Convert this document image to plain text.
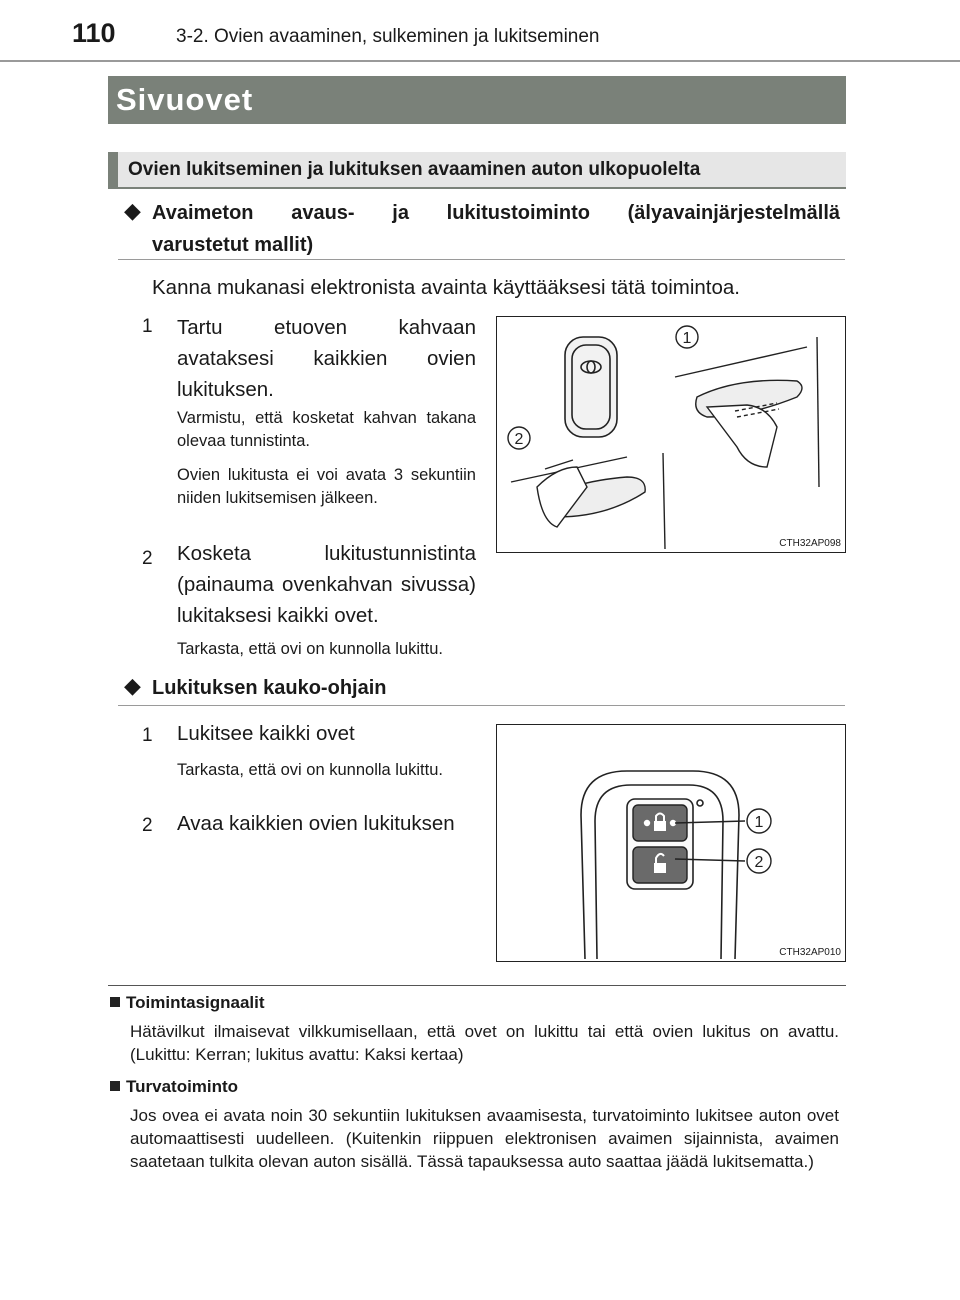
110	3-2. Ovien avaaminen, sulkeminen ja lukitseminen
Sivuovet
Ovien lukitseminen ja lukituksen avaaminen auton ulkopuolelta
◆ Avaimeton avaus- ja lukitustoiminto (älyavainjärjestelmällä
varustetut mallit)
Kanna mukanasi elektronista avainta käyttääksesi tätä toimintoa.
1 Tartu etuoven kahvaan avataksesi kaikkien ovien lukituksen.
Varmistu, että kosketat kahvan takana olevaa tunnistinta.
Ovien lukitusta ei voi avata 3 sekuntiin niiden lukitsemisen jälkeen.
2 Kosketa lukitustunnistinta (painauma ovenkahvan sivussa) lukitaksesi kaikki ovet.
Tarkasta, että ovi on kunnolla lukittu.
1
2
CTH32AP098
◆ Lukituksen kauko-ohjain
1 Lukitsee kaikki ovet
Tarkasta, että ovi on kunnolla lukittu.
2 Avaa kaikkien ovien lukituksen	1
2
CTH32AP010
Toimintasignaalit
Hätävilkut ilmaisevat vilkkumisellaan, että ovet on lukittu tai että ovien lukitus on avattu. (Lukittu: Kerran; lukitus avattu: Kaksi kertaa)
Turvatoiminto
Jos ovea ei avata noin 30 sekuntiin lukituksen avaamisesta, turvatoiminto lukitsee auton ovet automaattisesti uudelleen. (Kuitenkin riippuen elektronisen avaimen sijainnista, avaimen saatetaan tulkita olevan auton sisällä. Tässä tapauksessa auto saattaa jäädä lukitsematta.)
